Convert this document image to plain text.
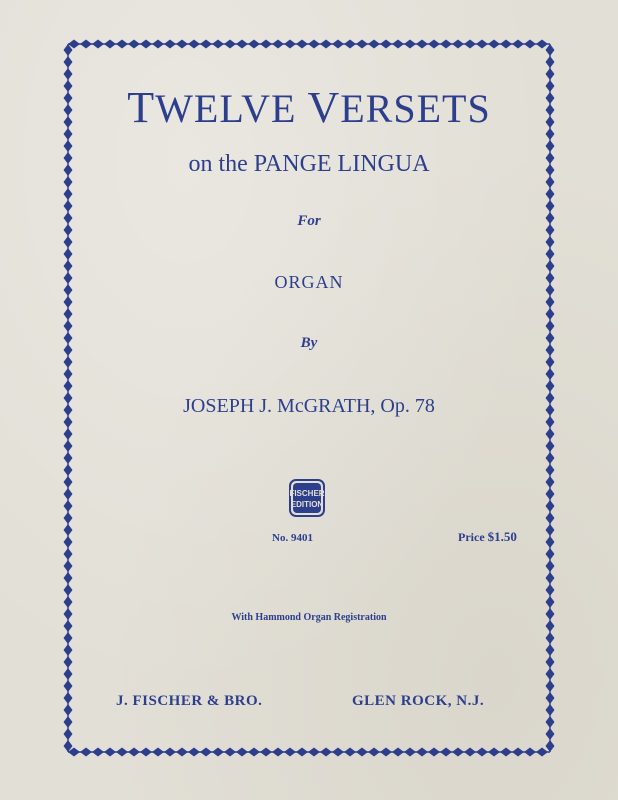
TWELVE VERSETS
on the PANGE LINGUA
For
ORGAN
By
JOSEPH J. McGRATH, Op. 78
FISCHER
EDITION
No. 9401	Price $1.50
With Hammond Organ Registration
J. FISCHER & BRO.	GLEN ROCK, N.J.
